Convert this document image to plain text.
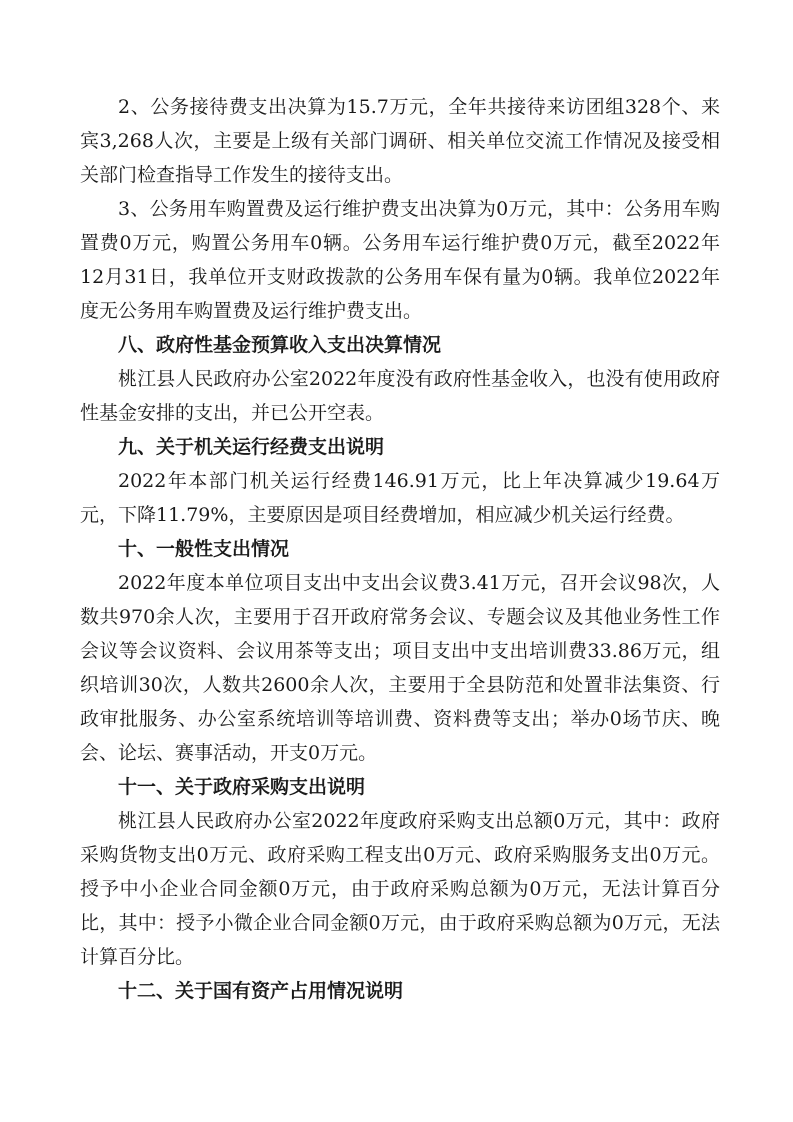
2、公务接待费支出决算为15.7万元，全年共接待来访团组328个、来宾3,268人次，主要是上级有关部门调研、相关单位交流工作情况及接受相关部门检查指导工作发生的接待支出。

3、公务用车购置费及运行维护费支出决算为0万元，其中：公务用车购置费0万元，购置公务用车0辆。公务用车运行维护费0万元，截至2022年12月31日，我单位开支财政拨款的公务用车保有量为0辆。我单位2022年度无公务用车购置费及运行维护费支出。

八、政府性基金预算收入支出决算情况

桃江县人民政府办公室2022年度没有政府性基金收入，也没有使用政府性基金安排的支出，并已公开空表。

九、关于机关运行经费支出说明

2022年本部门机关运行经费146.91万元，比上年决算减少19.64万元，下降11.79%，主要原因是项目经费增加，相应减少机关运行经费。

十、一般性支出情况

2022年度本单位项目支出中支出会议费3.41万元，召开会议98次，人数共970余人次，主要用于召开政府常务会议、专题会议及其他业务性工作会议等会议资料、会议用茶等支出；项目支出中支出培训费33.86万元，组织培训30次，人数共2600余人次，主要用于全县防范和处置非法集资、行政审批服务、办公室系统培训等培训费、资料费等支出；举办0场节庆、晚会、论坛、赛事活动，开支0万元。

十一、关于政府采购支出说明

桃江县人民政府办公室2022年度政府采购支出总额0万元，其中：政府采购货物支出0万元、政府采购工程支出0万元、政府采购服务支出0万元。授予中小企业合同金额0万元，由于政府采购总额为0万元，无法计算百分比，其中：授予小微企业合同金额0万元，由于政府采购总额为0万元，无法计算百分比。

十二、关于国有资产占用情况说明
